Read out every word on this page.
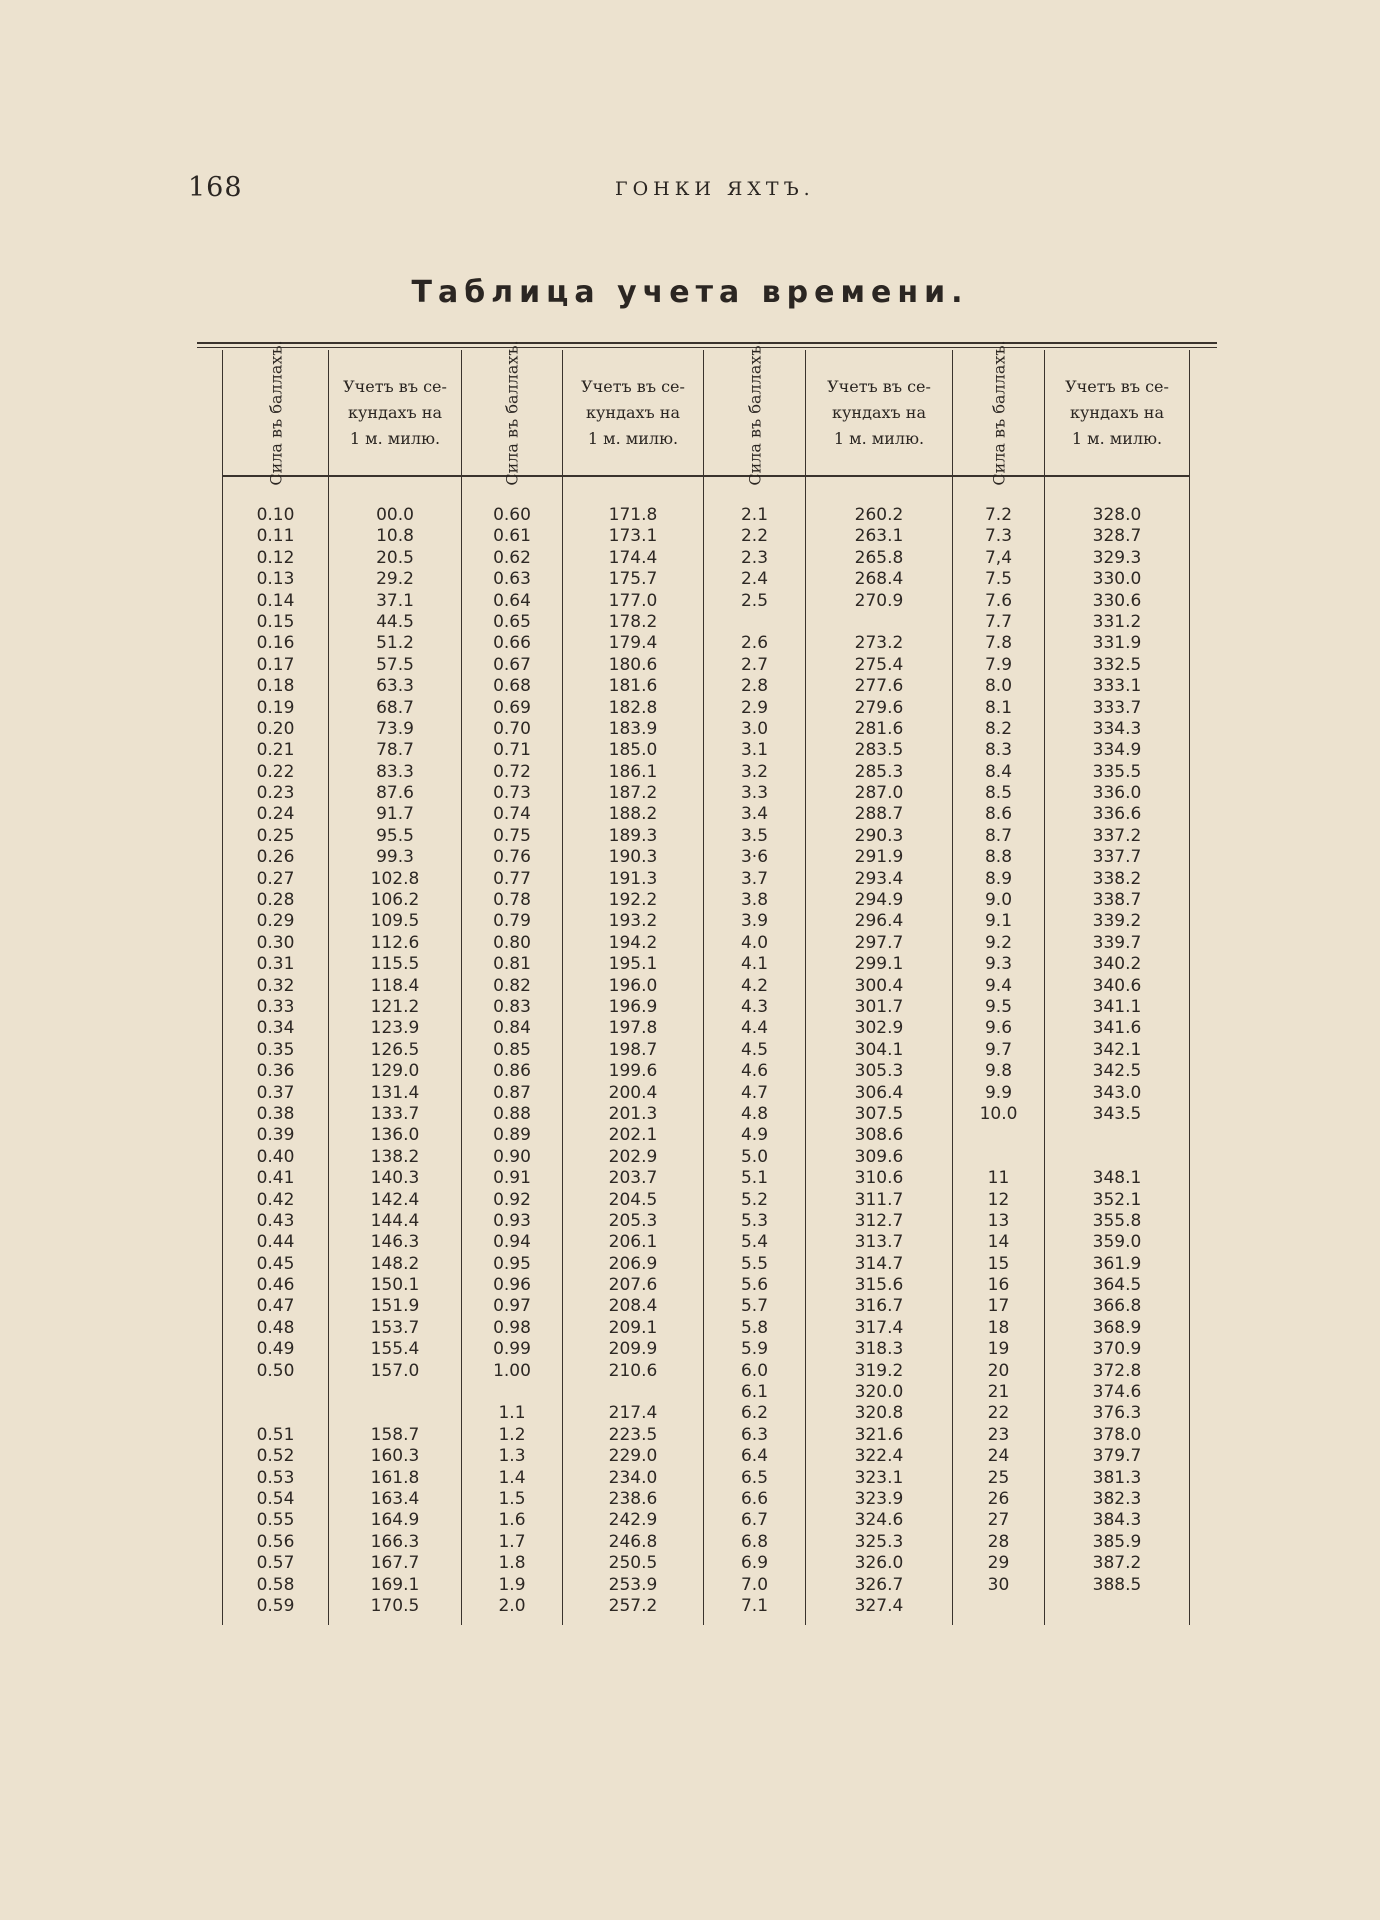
168	ГОНКИ ЯХТЪ.
Таблица учета времени.
Сила въ баллахъ.
0.10
0.11
0.12
0.13
0.14
0.15
0.16
0.17
0.18
0.19
0.20
0.21
0.22
0.23
0.24
0.25
0.26
0.27
0.28
0.29
0.30
0.31
0.32
0.33
0.34
0.35
0.36
0.37
0.38
0.39
0.40
0.41
0.42
0.43
0.44
0.45
0.46
0.47
0.48
0.49
0.50
0.51
0.52
0.53
0.54
0.55
0.56
0.57
0.58
0.59
Учетъ въ се-
кундахъ на
1 м. милю.
00.0
10.8
20.5
29.2
37.1
44.5
51.2
57.5
63.3
68.7
73.9
78.7
83.3
87.6
91.7
95.5
99.3
102.8
106.2
109.5
112.6
115.5
118.4
121.2
123.9
126.5
129.0
131.4
133.7
136.0
138.2
140.3
142.4
144.4
146.3
148.2
150.1
151.9
153.7
155.4
157.0
158.7
160.3
161.8
163.4
164.9
166.3
167.7
169.1
170.5
Сила въ баллахъ.
0.60
0.61
0.62
0.63
0.64
0.65
0.66
0.67
0.68
0.69
0.70
0.71
0.72
0.73
0.74
0.75
0.76
0.77
0.78
0.79
0.80
0.81
0.82
0.83
0.84
0.85
0.86
0.87
0.88
0.89
0.90
0.91
0.92
0.93
0.94
0.95
0.96
0.97
0.98
0.99
1.00
1.1
1.2
1.3
1.4
1.5
1.6
1.7
1.8
1.9
2.0
Учетъ въ се-
кундахъ на
1 м. милю.
171.8
173.1
174.4
175.7
177.0
178.2
179.4
180.6
181.6
182.8
183.9
185.0
186.1
187.2
188.2
189.3
190.3
191.3
192.2
193.2
194.2
195.1
196.0
196.9
197.8
198.7
199.6
200.4
201.3
202.1
202.9
203.7
204.5
205.3
206.1
206.9
207.6
208.4
209.1
209.9
210.6
217.4
223.5
229.0
234.0
238.6
242.9
246.8
250.5
253.9
257.2
Сила въ баллахъ.
2.1
2.2
2.3
2.4
2.5
2.6
2.7
2.8
2.9
3.0
3.1
3.2
3.3
3.4
3.5
3·6
3.7
3.8
3.9
4.0
4.1
4.2
4.3
4.4
4.5
4.6
4.7
4.8
4.9
5.0
5.1
5.2
5.3
5.4
5.5
5.6
5.7
5.8
5.9
6.0
6.1
6.2
6.3
6.4
6.5
6.6
6.7
6.8
6.9
7.0
7.1
Учетъ въ се-
кундахъ на
1 м. милю.
260.2
263.1
265.8
268.4
270.9
273.2
275.4
277.6
279.6
281.6
283.5
285.3
287.0
288.7
290.3
291.9
293.4
294.9
296.4
297.7
299.1
300.4
301.7
302.9
304.1
305.3
306.4
307.5
308.6
309.6
310.6
311.7
312.7
313.7
314.7
315.6
316.7
317.4
318.3
319.2
320.0
320.8
321.6
322.4
323.1
323.9
324.6
325.3
326.0
326.7
327.4
Сила въ баллахъ.
7.2
7.3
7,4
7.5
7.6
7.7
7.8
7.9
8.0
8.1
8.2
8.3
8.4
8.5
8.6
8.7
8.8
8.9
9.0
9.1
9.2
9.3
9.4
9.5
9.6
9.7
9.8
9.9
10.0
11
12
13
14
15
16
17
18
19
20
21
22
23
24
25
26
27
28
29
30
Учетъ въ се-
кундахъ на
1 м. милю.
328.0
328.7
329.3
330.0
330.6
331.2
331.9
332.5
333.1
333.7
334.3
334.9
335.5
336.0
336.6
337.2
337.7
338.2
338.7
339.2
339.7
340.2
340.6
341.1
341.6
342.1
342.5
343.0
343.5
348.1
352.1
355.8
359.0
361.9
364.5
366.8
368.9
370.9
372.8
374.6
376.3
378.0
379.7
381.3
382.3
384.3
385.9
387.2
388.5
